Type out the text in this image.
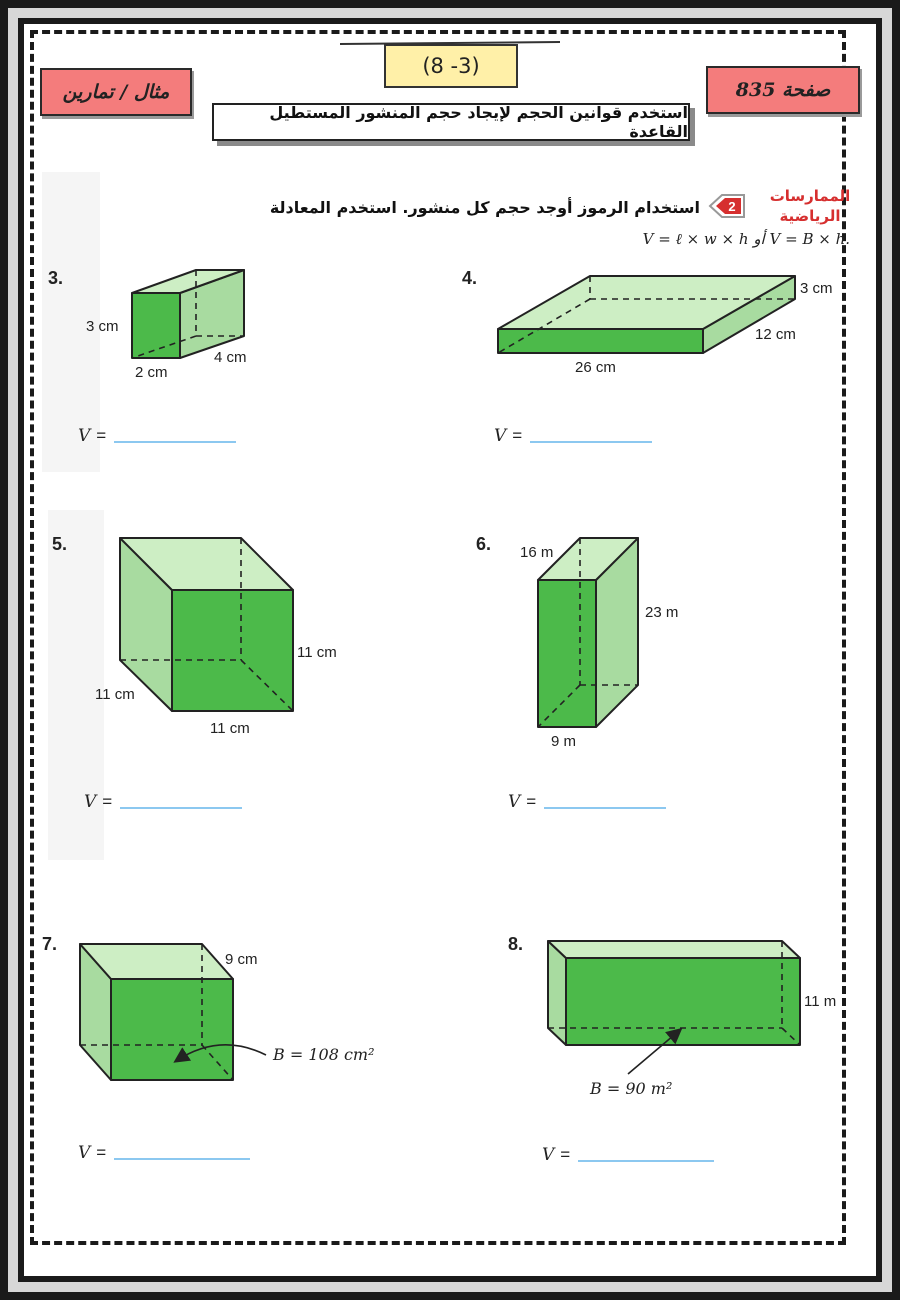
مثال / تمارين	صفحة 835
(8 -3)
استخدم قوانين الحجم لإيجاد حجم المنشور المستطيل القاعدة
الممارسات الرياضية
2
استخدام الرموز أوجد حجم كل منشور. استخدم المعادلة
V = ℓ × w × h أو V = B × h.
3.	4.
5.	6.
7.	8.
3 cm
4 cm
2 cm
3 cm
12 cm
26 cm
11 cm
11 cm
11 cm
16 m
23 m
9 m
9 cm
B = 108 cm²
11 m
B = 90 m²
V =	V =
V =	V =
V =	V =
